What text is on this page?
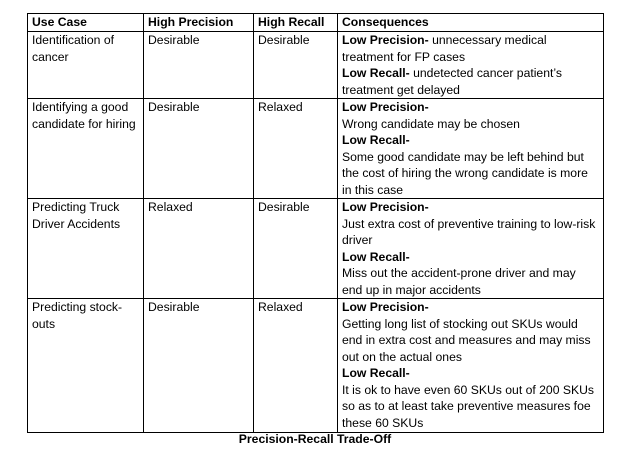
Use Case	High Precision	High Recall	Consequences
Identification of cancer	Desirable	Desirable	Low Precision- unnecessary medical treatment for FP cases
Low Recall- undetected cancer patient’s treatment get delayed

Identifying a good candidate for hiring	Desirable	Relaxed	Low Precision-
Wrong candidate may be chosen
Low Recall-
Some good candidate may be left behind but the cost of hiring the wrong candidate is more in this case

Predicting Truck Driver Accidents	Relaxed	Desirable	Low Precision-
Just extra cost of preventive training to low-risk driver
Low Recall-
Miss out the accident-prone driver and may end up in major accidents

Predicting stock-outs	Desirable	Relaxed	Low Precision-
Getting long list of stocking out SKUs would end in extra cost and measures and may miss out on the actual ones
Low Recall-
It is ok to have even 60 SKUs out of 200 SKUs so as to at least take preventive measures foe these 60 SKUs
Precision-Recall Trade-Off
